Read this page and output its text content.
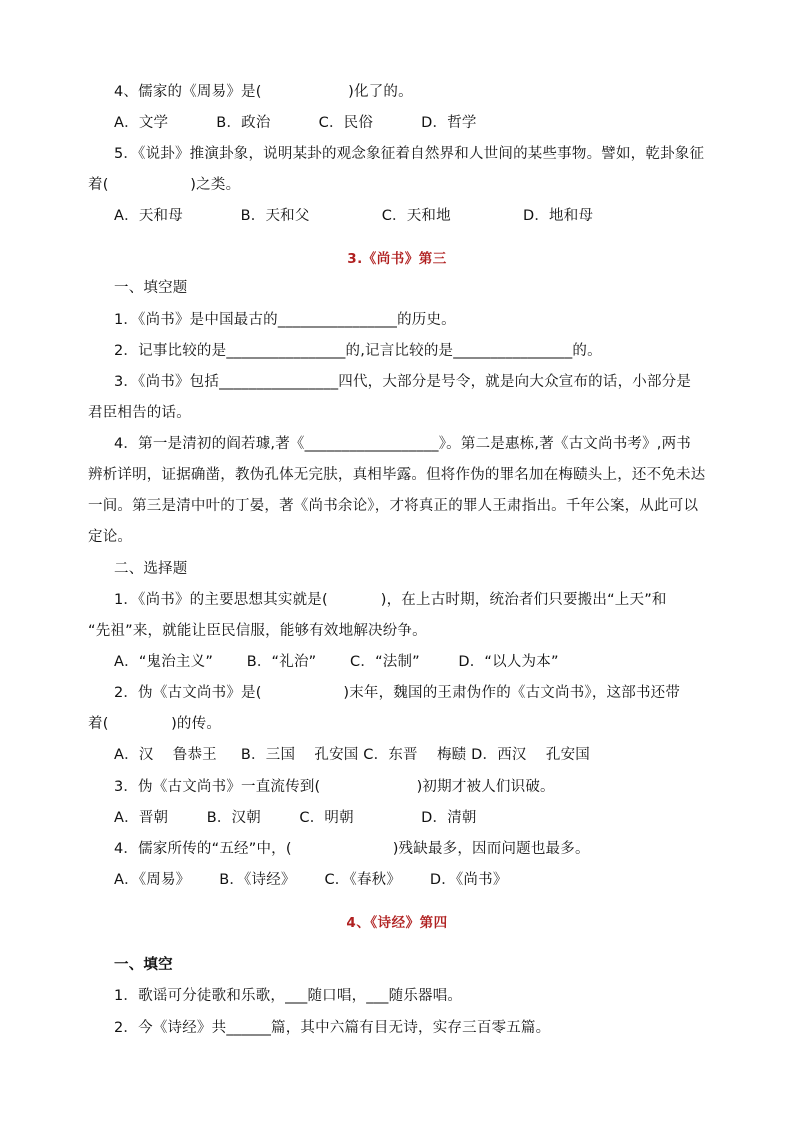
4、儒家的《周易》是(                  )化了的。
A．文学          B．政治          C．民俗          D．哲学
5．《说卦》推演卦象，说明某卦的观念象征着自然界和人世间的某些事物。譬如，乾卦象征
着(                 )之类。
A．天和母            B．天和父               C．天和地               D．地和母
3.《尚书》第三
一、填空题
1．《尚书》是中国最古的________________的历史。
2．记事比较的是________________的,记言比较的是________________的。
3．《尚书》包括________________四代，大部分是号令，就是向大众宣布的话，小部分是
君臣相告的话。
4．第一是清初的阎若璩,著《__________________》。第二是惠栋,著《古文尚书考》,两书
辨析详明，证据确凿，教伪孔体无完肤，真相毕露。但将作伪的罪名加在梅赜头上，还不免未达
一间。第三是清中叶的丁晏，著《尚书余论》，才将真正的罪人王肃指出。千年公案，从此可以
定论。
二、选择题
1．《尚书》的主要思想其实就是(           )，在上古时期，统治者们只要搬出“上天”和
“先祖”来，就能让臣民信服，能够有效地解决纷争。
A．“鬼治主义”       B．“礼治”       C．“法制”        D．“以人为本”
2．伪《古文尚书》是(                 )末年，魏国的王肃伪作的《古文尚书》，这部书还带
着(             )的传。
A．汉    鲁恭王     B．三国    孔安国 C．东晋    梅赜 D．西汉    孔安国
3．伪《古文尚书》一直流传到(                    )初期才被人们识破。
A．晋朝        B．汉朝        C．明朝              D．清朝
4．儒家所传的“五经”中，(                     )残缺最多，因而问题也最多。
A．《周易》      B．《诗经》      C．《春秋》      D．《尚书》
4、《诗经》第四
一、填空
1．歌谣可分徒歌和乐歌，___随口唱，___随乐器唱。
2．今《诗经》共______篇，其中六篇有目无诗，实存三百零五篇。
